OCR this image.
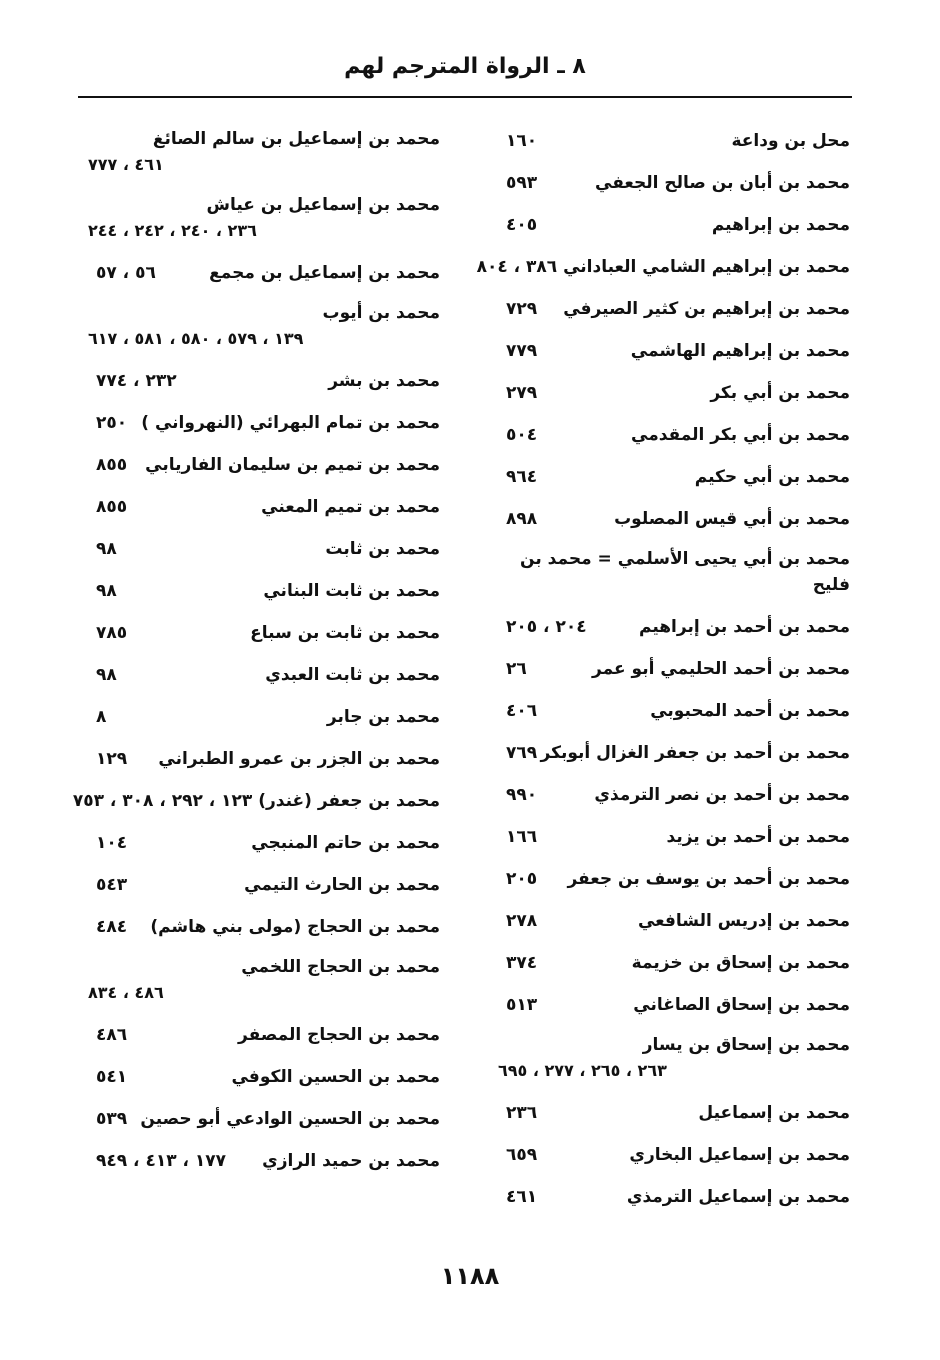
٨ ـ الرواة المترجم لهم
محل بن وداعة
١٦٠
محمد بن أبان بن صالح الجعفي
٥٩٣
محمد بن إبراهيم
٤٠٥
محمد بن إبراهيم الشامي العباداني ٣٨٦ ، ٨٠٤
محمد بن إبراهيم بن كثير الصيرفي
٧٢٩
محمد بن إبراهيم الهاشمي
٧٧٩
محمد بن أبي بكر
٢٧٩
محمد بن أبي بكر المقدمي
٥٠٤
محمد بن أبي حكيم
٩٦٤
محمد بن أبي قيس المصلوب
٨٩٨
محمد بن أبي يحيى الأسلمي = محمد بن فليح
محمد بن أحمد بن إبراهيم
٢٠٤ ، ٢٠٥
محمد بن أحمد الحليمي أبو عمر
٢٦
محمد بن أحمد المحبوبي
٤٠٦
محمد بن أحمد بن جعفر الغزال أبوبكر
٧٦٩
محمد بن أحمد بن نصر الترمذي
٩٩٠
محمد بن أحمد بن يزيد
١٦٦
محمد بن أحمد بن يوسف بن جعفر
٢٠٥
محمد بن إدريس الشافعي
٢٧٨
محمد بن إسحاق بن خزيمة
٣٧٤
محمد بن إسحاق الصاغاني
٥١٣
محمد بن إسحاق بن يسار
٢٦٣ ، ٢٦٥ ، ٢٧٧ ، ٦٩٥
محمد بن إسماعيل
٢٣٦
محمد بن إسماعيل البخاري
٦٥٩
محمد بن إسماعيل الترمذي
٤٦١
محمد بن إسماعيل بن سالم الصائغ
٤٦١ ، ٧٧٧
محمد بن إسماعيل بن عياش
٢٣٦ ، ٢٤٠ ، ٢٤٢ ، ٢٤٤
محمد بن إسماعيل بن مجمع
٥٦ ، ٥٧
محمد بن أيوب
١٣٩ ، ٥٧٩ ، ٥٨٠ ، ٥٨١ ، ٦١٧
محمد بن بشر
٢٣٢ ، ٧٧٤
محمد بن تمام البهرائي (النهرواني )
٢٥٠
محمد بن تميم بن سليمان الفاريابي
٨٥٥
محمد بن تميم المعني
٨٥٥
محمد بن ثابت
٩٨
محمد بن ثابت البناني
٩٨
محمد بن ثابت بن سباع
٧٨٥
محمد بن ثابت العبدي
٩٨
محمد بن جابر
٨
محمد بن الجزر بن عمرو الطبراني
١٢٩
محمد بن جعفر (غندر) ١٢٣ ، ٢٩٢ ، ٣٠٨ ، ٧٥٣
محمد بن حاتم المنبجي
١٠٤
محمد بن الحارث التيمي
٥٤٣
محمد بن الحجاج (مولى بني هاشم)
٤٨٤
محمد بن الحجاج اللخمي
٤٨٦ ، ٨٣٤
محمد بن الحجاج المصفر
٤٨٦
محمد بن الحسين الكوفي
٥٤١
محمد بن الحسين الوادعي أبو حصين
٥٣٩
محمد بن حميد الرازي
١٧٧ ، ٤١٣ ، ٩٤٩
١١٨٨
